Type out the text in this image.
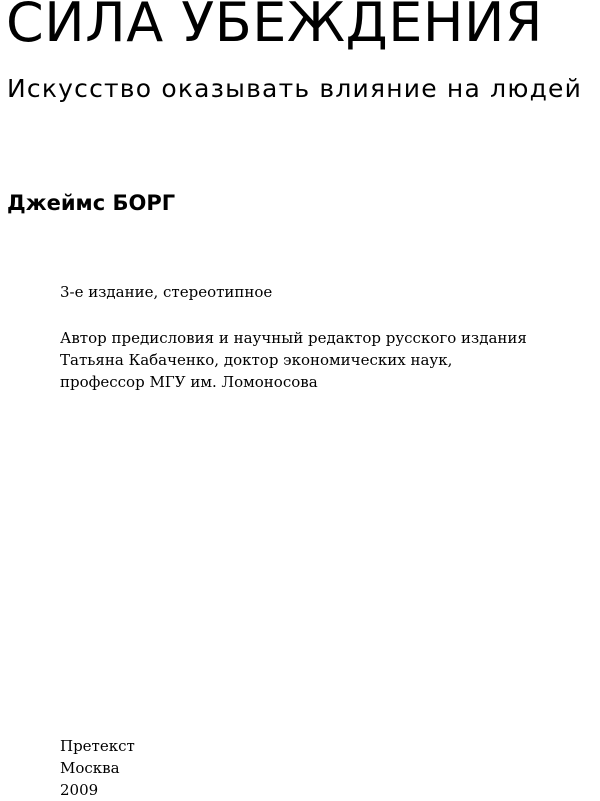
СИЛА УБЕЖДЕНИЯ
Искусство оказывать влияние на людей
Джеймс БОРГ
3-е издание, стереотипное
Автор предисловия и научный редактор русского издания
Татьяна Кабаченко, доктор экономических наук,
профессор МГУ им. Ломоносова
Претекст
Москва
2009
